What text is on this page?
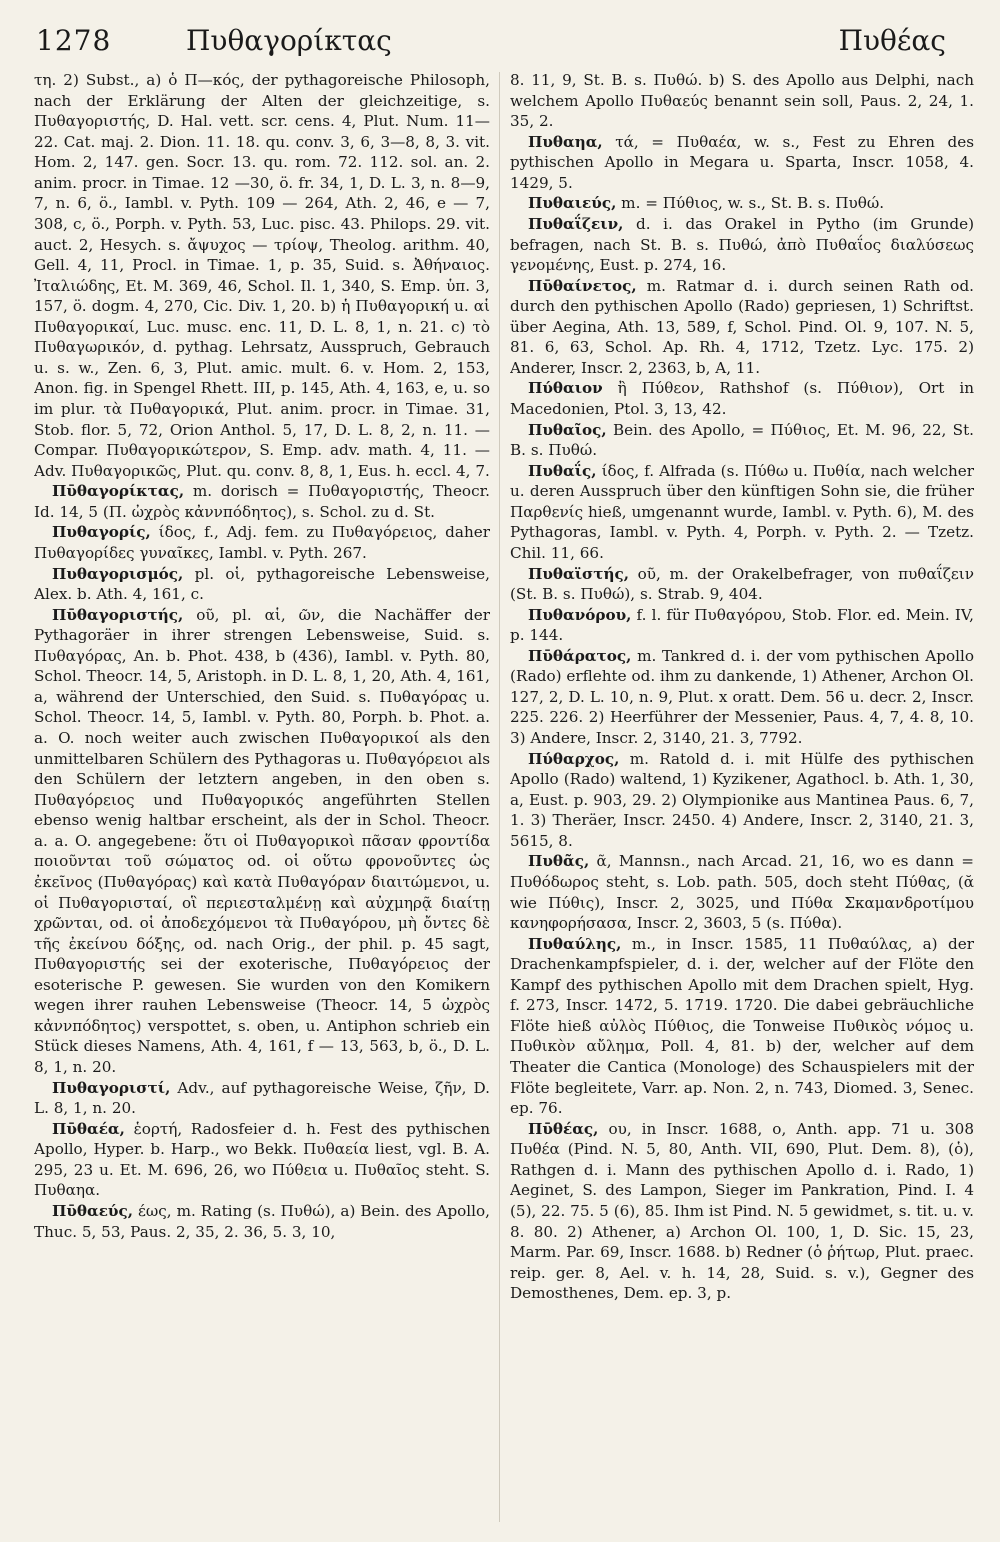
1278	Πυθαγορίκτας	Πυθέας

τη. 2) Subst., a) ὁ Π—κός, der pythagoreische Philosoph, nach der Erklärung der Alten der gleichzeitige, s. Πυθαγοριστής, D. Hal. vett. scr. cens. 4, Plut. Num. 11—22. Cat. maj. 2. Dion. 11. 18. qu. conv. 3, 6, 3—8, 8, 3. vit. Hom. 2, 147. gen. Socr. 13. qu. rom. 72. 112. sol. an. 2. anim. procr. in Timae. 12 —30, ö. fr. 34, 1, D. L. 3, n. 8—9, 7, n. 6, ö., Iambl. v. Pyth. 109 — 264, Ath. 2, 46, e — 7, 308, c, ö., Porph. v. Pyth. 53, Luc. pisc. 43. Philops. 29. vit. auct. 2, Hesych. s. ἄψυχος — τρίοψ, Theolog. arithm. 40, Gell. 4, 11, Procl. in Timae. 1, p. 35, Suid. s. Ἀθήναιος. Ἰταλιώδης, Et. M. 369, 46, Schol. Il. 1, 340, S. Emp. ὑπ. 3, 157, ö. dogm. 4, 270, Cic. Div. 1, 20. b) ἡ Πυθαγορική u. αἱ Πυθαγορικαί, Luc. musc. enc. 11, D. L. 8, 1, n. 21. c) τὸ Πυθαγωρικόν, d. pythag. Lehrsatz, Ausspruch, Gebrauch u. s. w., Zen. 6, 3, Plut. amic. mult. 6. v. Hom. 2, 153, Anon. fig. in Spengel Rhett. III, p. 145, Ath. 4, 163, e, u. so im plur. τὰ Πυθαγορικά, Plut. anim. procr. in Timae. 31, Stob. flor. 5, 72, Orion Anthol. 5, 17, D. L. 8, 2, n. 11. — Compar. Πυθαγορικώτερον, S. Emp. adv. math. 4, 11. — Adv. Πυθαγορικῶς, Plut. qu. conv. 8, 8, 1, Eus. h. eccl. 4, 7.

Πῡθαγορίκτας, m. dorisch = Πυθαγοριστής, Theocr. Id. 14, 5 (Π. ὠχρὸς κἀννπόδητος), s. Schol. zu d. St.

Πυθαγορίς, ίδος, f., Adj. fem. zu Πυθαγόρειος, daher Πυθαγορίδες γυναῖκες, Iambl. v. Pyth. 267.

Πυθαγορισμός, pl. οἱ, pythagoreische Lebensweise, Alex. b. Ath. 4, 161, c.

Πῡθαγοριστής, οῦ, pl. αἱ, ῶν, die Nachäffer der Pythagoräer in ihrer strengen Lebensweise, Suid. s. Πυθαγόρας, An. b. Phot. 438, b (436), Iambl. v. Pyth. 80, Schol. Theocr. 14, 5, Aristoph. in D. L. 8, 1, 20, Ath. 4, 161, a, während der Unterschied, den Suid. s. Πυθαγόρας u. Schol. Theocr. 14, 5, Iambl. v. Pyth. 80, Porph. b. Phot. a. a. O. noch weiter auch zwischen Πυθαγορικοί als den unmittelbaren Schülern des Pythagoras u. Πυθαγόρειοι als den Schülern der letztern angeben, in den oben s. Πυθαγόρειος und Πυθαγορικός angeführten Stellen ebenso wenig haltbar erscheint, als der in Schol. Theocr. a. a. O. angegebene: ὅτι οἱ Πυθαγορικοὶ πᾶσαν φροντίδα ποιοῦνται τοῦ σώματος od. οἱ οὕτω φρονοῦντες ὡς ἐκεῖνος (Πυθαγόρας) καὶ κατὰ Πυθαγόραν διαιτώμενοι, u. οἱ Πυθαγορισταί, οἳ περιεσταλμένῃ καὶ αὐχμηρᾷ διαίτῃ χρῶνται, od. οἱ ἀποδεχόμενοι τὰ Πυθαγόρου, μὴ ὄντες δὲ τῆς ἐκείνου δόξης, od. nach Orig., der phil. p. 45 sagt, Πυθαγοριστής sei der exoterische, Πυθαγόρειος der esoterische P. gewesen. Sie wurden von den Komikern wegen ihrer rauhen Lebensweise (Theocr. 14, 5 ὠχρὸς κἀννπόδητος) verspottet, s. oben, u. Antiphon schrieb ein Stück dieses Namens, Ath. 4, 161, f — 13, 563, b, ö., D. L. 8, 1, n. 20.

Πυθαγοριστί, Adv., auf pythagoreische Weise, ζῆν, D. L. 8, 1, n. 20.

Πῡθαέα, ἑορτή, Radosfeier d. h. Fest des pythischen Apollo, Hyper. b. Harp., wo Bekk. Πυθαεία liest, vgl. B. A. 295, 23 u. Et. M. 696, 26, wo Πύθεια u. Πυθαῖος steht. S. Πυθαηα.

Πῡθαεύς, έως, m. Rating (s. Πυθώ), a) Bein. des Apollo, Thuc. 5, 53, Paus. 2, 35, 2. 36, 5. 3, 10,

8. 11, 9, St. B. s. Πυθώ. b) S. des Apollo aus Delphi, nach welchem Apollo Πυθαεύς benannt sein soll, Paus. 2, 24, 1. 35, 2.

Πυθαηα, τά, = Πυθαέα, w. s., Fest zu Ehren des pythischen Apollo in Megara u. Sparta, Inscr. 1058, 4. 1429, 5.

Πυθαιεύς, m. = Πύθιος, w. s., St. B. s. Πυθώ.

Πυθαΐζειν, d. i. das Orakel in Pytho (im Grunde) befragen, nach St. B. s. Πυθώ, ἀπὸ Πυθαΐος διαλύσεως γενομένης, Eust. p. 274, 16.

Πῡθαίνετος, m. Ratmar d. i. durch seinen Rath od. durch den pythischen Apollo (Rado) gepriesen, 1) Schriftst. über Aegina, Ath. 13, 589, f, Schol. Pind. Ol. 9, 107. N. 5, 81. 6, 63, Schol. Ap. Rh. 4, 1712, Tzetz. Lyc. 175. 2) Anderer, Inscr. 2, 2363, b, A, 11.

Πύθαιον ἢ Πύθεον, Rathshof (s. Πύθιον), Ort in Macedonien, Ptol. 3, 13, 42.

Πυθαῖος, Bein. des Apollo, = Πύθιος, Et. M. 96, 22, St. B. s. Πυθώ.

Πυθαΐς, ίδος, f. Alfrada (s. Πύθω u. Πυθία, nach welcher u. deren Ausspruch über den künftigen Sohn sie, die früher Παρθενίς hieß, umgenannt wurde, Iambl. v. Pyth. 6), M. des Pythagoras, Iambl. v. Pyth. 4, Porph. v. Pyth. 2. — Tzetz. Chil. 11, 66.

Πυθαϊστής, οῦ, m. der Orakelbefrager, von πυθαΐζειν (St. B. s. Πυθώ), s. Strab. 9, 404.

Πυθανόρου, f. l. für Πυθαγόρου, Stob. Flor. ed. Mein. IV, p. 144.

Πῡθάρατος, m. Tankred d. i. der vom pythischen Apollo (Rado) erflehte od. ihm zu dankende, 1) Athener, Archon Ol. 127, 2, D. L. 10, n. 9, Plut. x oratt. Dem. 56 u. decr. 2, Inscr. 225. 226. 2) Heerführer der Messenier, Paus. 4, 7, 4. 8, 10. 3) Andere, Inscr. 2, 3140, 21. 3, 7792.

Πύθαρχος, m. Ratold d. i. mit Hülfe des pythischen Apollo (Rado) waltend, 1) Kyzikener, Agathocl. b. Ath. 1, 30, a, Eust. p. 903, 29. 2) Olympionike aus Mantinea Paus. 6, 7, 1. 3) Theräer, Inscr. 2450. 4) Andere, Inscr. 2, 3140, 21. 3, 5615, 8.

Πυθᾶς, ᾶ, Mannsn., nach Arcad. 21, 16, wo es dann = Πυθόδωρος steht, s. Lob. path. 505, doch steht Πύθας, (ᾰ wie Πύθις), Inscr. 2, 3025, und Πύθα Σκαμανδροτίμου κανηφορήσασα, Inscr. 2, 3603, 5 (s. Πύθα).

Πυθαύλης, m., in Inscr. 1585, 11 Πυθαύλας, a) der Drachenkampfspieler, d. i. der, welcher auf der Flöte den Kampf des pythischen Apollo mit dem Drachen spielt, Hyg. f. 273, Inscr. 1472, 5. 1719. 1720. Die dabei gebräuchliche Flöte hieß αὐλὸς Πύθιος, die Tonweise Πυθικὸς νόμος u. Πυθικὸν αὔλημα, Poll. 4, 81. b) der, welcher auf dem Theater die Cantica (Monologe) des Schauspielers mit der Flöte begleitete, Varr. ap. Non. 2, n. 743, Diomed. 3, Senec. ep. 76.

Πῡθέας, ου, in Inscr. 1688, o, Anth. app. 71 u. 308 Πυθέα (Pind. N. 5, 80, Anth. VII, 690, Plut. Dem. 8), (ὁ), Rathgen d. i. Mann des pythischen Apollo d. i. Rado, 1) Aeginet, S. des Lampon, Sieger im Pankration, Pind. I. 4 (5), 22. 75. 5 (6), 85. Ihm ist Pind. N. 5 gewidmet, s. tit. u. v. 8. 80. 2) Athener, a) Archon Ol. 100, 1, D. Sic. 15, 23, Marm. Par. 69, Inscr. 1688. b) Redner (ὁ ῥήτωρ, Plut. praec. reip. ger. 8, Ael. v. h. 14, 28, Suid. s. v.), Gegner des Demosthenes, Dem. ep. 3, p.
